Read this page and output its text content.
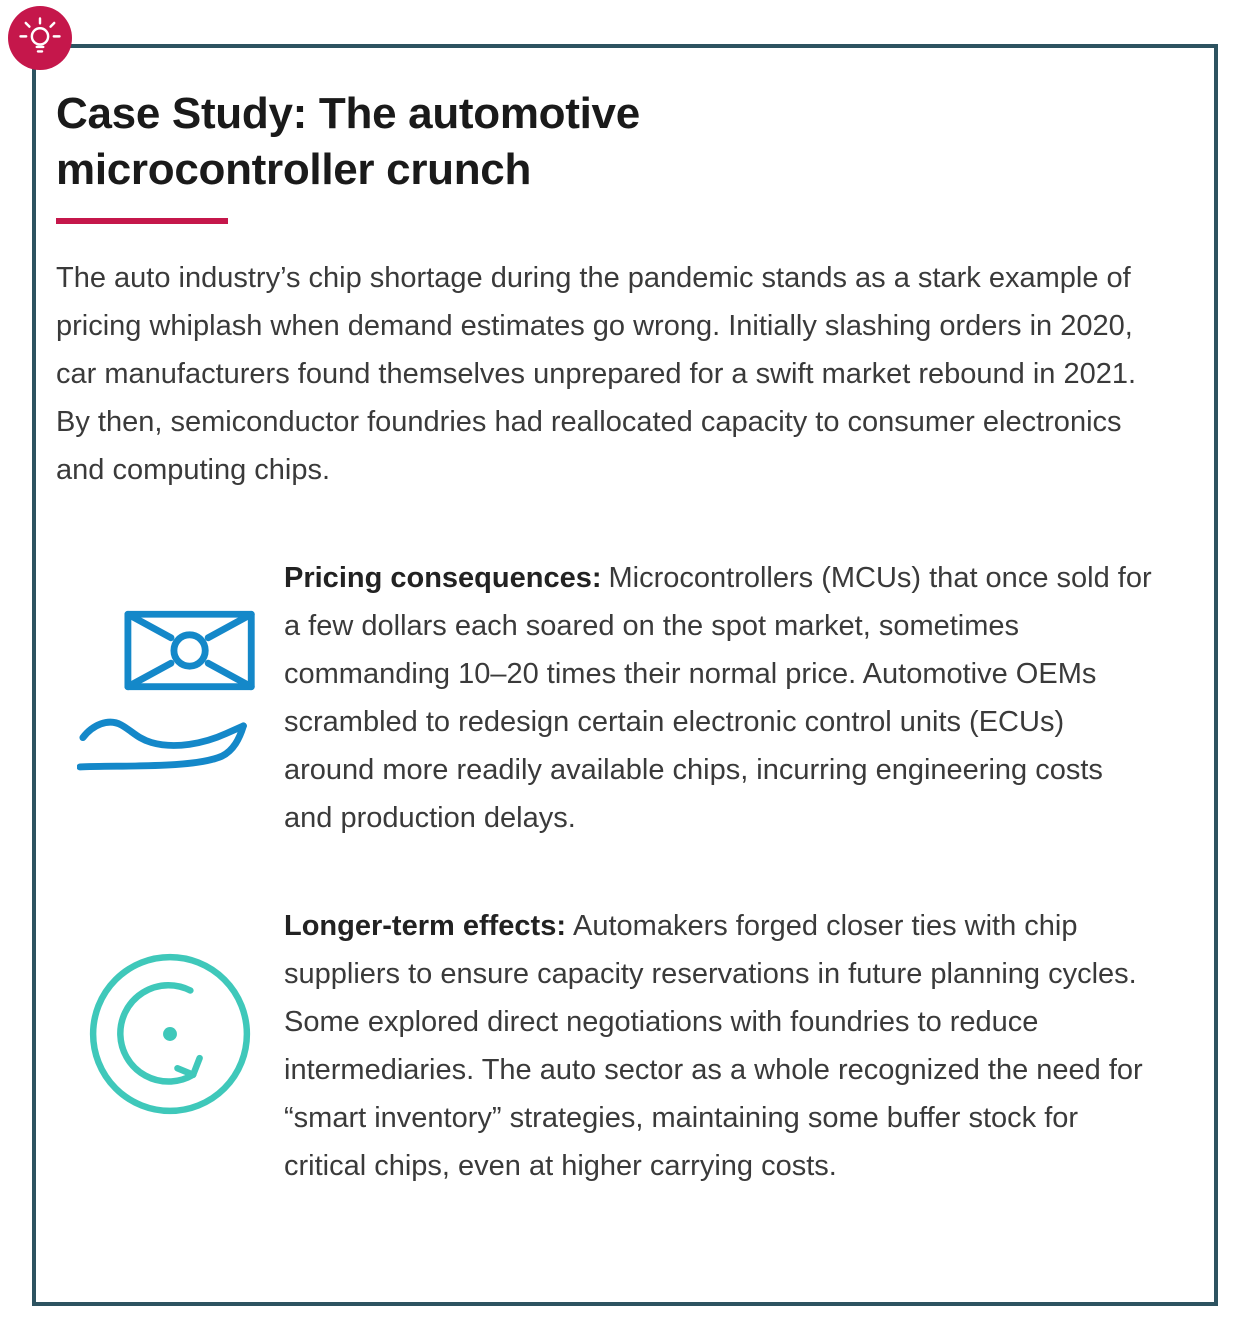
Case Study: The automotive microcontroller crunch

The auto industry’s chip shortage during the pandemic stands as a stark example of pricing whiplash when demand estimates go wrong. Initially slashing orders in 2020, car manufacturers found themselves unprepared for a swift market rebound in 2021. By then, semiconductor foundries had reallocated capacity to consumer electronics and computing chips.

Pricing consequences: Microcontrollers (MCUs) that once sold for a few dollars each soared on the spot market, sometimes commanding 10–20 times their normal price. Automotive OEMs scrambled to redesign certain electronic control units (ECUs) around more readily available chips, incurring engineering costs and production delays.

Longer-term effects: Automakers forged closer ties with chip suppliers to ensure capacity reservations in future planning cycles. Some explored direct negotiations with foundries to reduce intermediaries. The auto sector as a whole recognized the need for “smart inventory” strategies, maintaining some buffer stock for critical chips, even at higher carrying costs.
